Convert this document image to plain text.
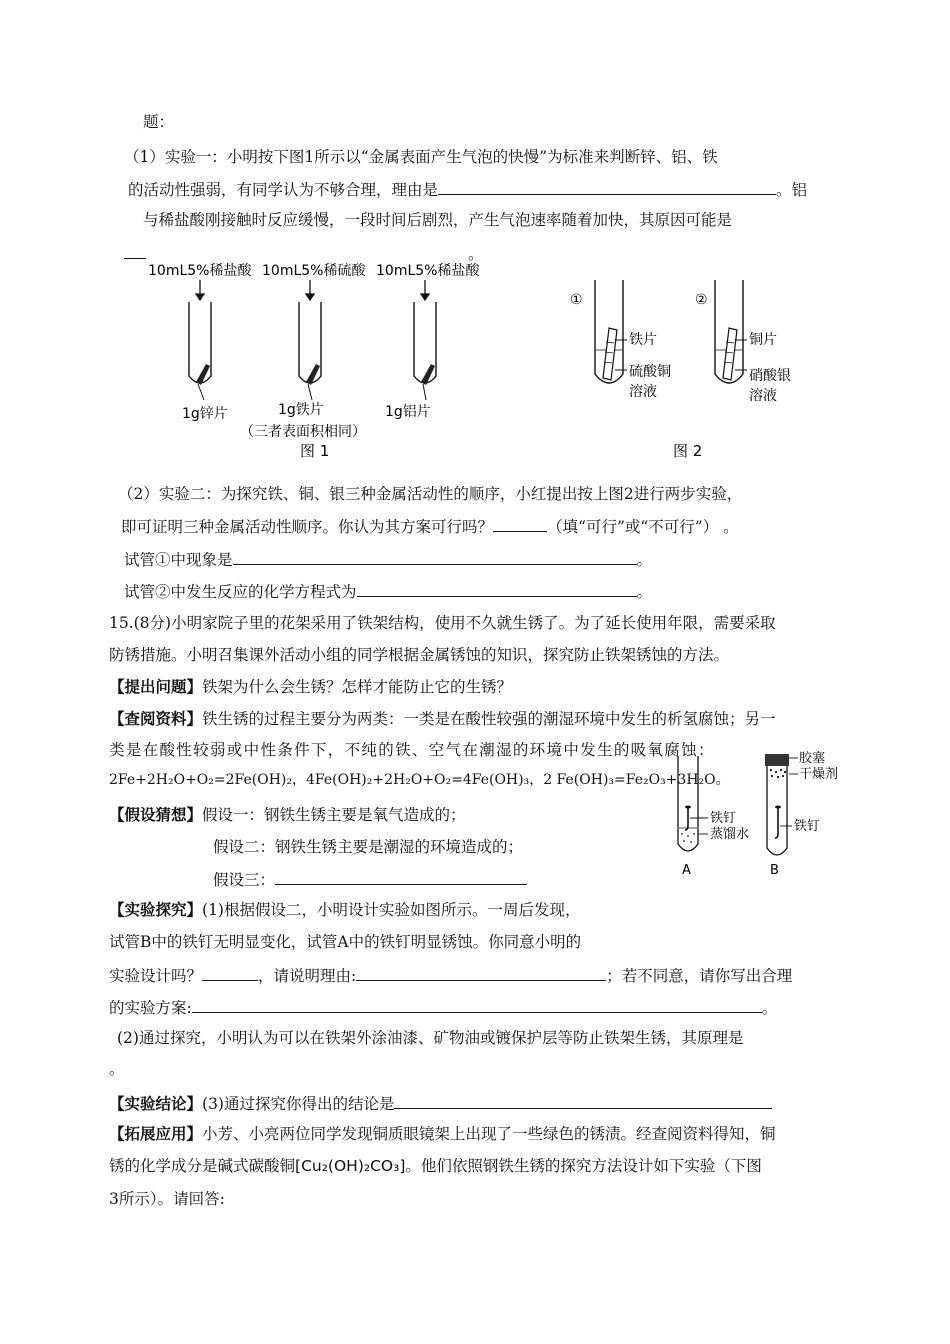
题：
（1）实验一：小明按下图1所示以“金属表面产生气泡的快慢”为标准来判断锌、铝、铁
的活动性强弱，有同学认为不够合理，理由是	。铝
与稀盐酸刚接触时反应缓慢，一段时间后剧烈，产生气泡速率随着加快，其原因可能是
。
10mL5%稀盐酸 10mL5%稀硫酸 10mL5%稀盐酸
1g锌片	1g铁片	1g铝片
（三者表面积相同）
图 1
①	②
铁片
硫酸铜
溶液
铜片
硝酸银
溶液
图 2
（2）实验二：为探究铁、铜、银三种金属活动性的顺序，小红提出按上图2进行两步实验，
即可证明三种金属活动性顺序。你认为其方案可行吗？	（填“可行”或“不可行”） 。
试管①中现象是	。
试管②中发生反应的化学方程式为	。
15.(8分)小明家院子里的花架采用了铁架结构，使用不久就生锈了。为了延长使用年限，需要采取
防锈措施。小明召集课外活动小组的同学根据金属锈蚀的知识，探究防止铁架锈蚀的方法。
【提出问题】铁架为什么会生锈？怎样才能防止它的生锈？
【查阅资料】铁生锈的过程主要分为两类：一类是在酸性较强的潮湿环境中发生的析氢腐蚀；另一
类 是 在 酸 性 较 弱 或 中 性 条 件 下 ， 不 纯 的 铁 、 空 气 在 潮 湿 的 环 境 中 发 生 的 吸 氧 腐 蚀 ：
2Fe+2H₂O+O₂=2Fe(OH)₂，4Fe(OH)₂+2H₂O+O₂=4Fe(OH)₃，2 Fe(OH)₃=Fe₂O₃+3H₂O。
【假设猜想】假设一：钢铁生锈主要是氧气造成的；
假设二：钢铁生锈主要是潮湿的环境造成的；
假设三：
铁钉
蒸馏水
A
胶塞
干燥剂
铁钉
B
【实验探究】(1)根据假设二，小明设计实验如图所示。一周后发现，
试管B中的铁钉无明显变化，试管A中的铁钉明显锈蚀。你同意小明的
实验设计吗？	，请说明理由:	；若不同意，请你写出合理
的实验方案:	。
(2)通过探究，小明认为可以在铁架外涂油漆、矿物油或镀保护层等防止铁架生锈，其原理是
。
【实验结论】(3)通过探究你得出的结论是
【拓展应用】小芳、小亮两位同学发现铜质眼镜架上出现了一些绿色的锈渍。经查阅资料得知，铜
锈的化学成分是碱式碳酸铜[Cu₂(OH)₂CO₃]。他们依照钢铁生锈的探究方法设计如下实验（下图
3所示）。请回答:
